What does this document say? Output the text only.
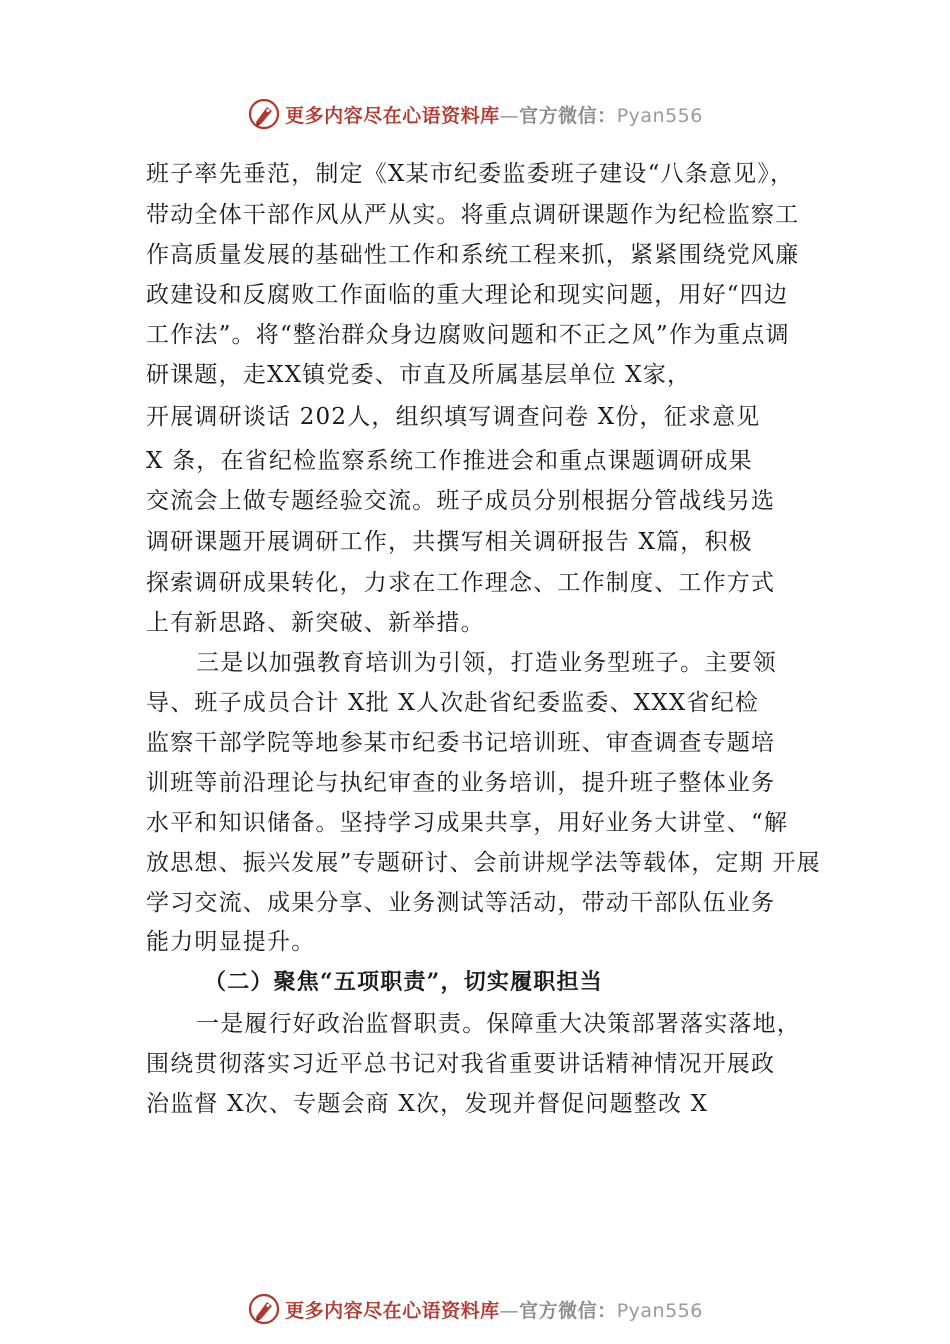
更多内容尽在心语资料库—官方微信：Pyan556
班子率先垂范，制定《X某市纪委监委班子建设“八条意见》，
带动全体干部作风从严从实。将重点调研课题作为纪检监察工
作高质量发展的基础性工作和系统工程来抓，紧紧围绕党风廉
政建设和反腐败工作面临的重大理论和现实问题，用好“四边
工作法”。将“整治群众身边腐败问题和不正之风”作为重点调
研课题，走XX镇党委、市直及所属基层单位 X家，
开展调研谈话 202人，组织填写调查问卷 X份，征求意见
X 条，在省纪检监察系统工作推进会和重点课题调研成果
交流会上做专题经验交流。班子成员分别根据分管战线另选
调研课题开展调研工作，共撰写相关调研报告 X篇，积极
探索调研成果转化，力求在工作理念、工作制度、工作方式
上有新思路、新突破、新举措。
三是以加强教育培训为引领，打造业务型班子。主要领
导、班子成员合计 X批 X人次赴省纪委监委、XXX省纪检
监察干部学院等地参某市纪委书记培训班、审查调查专题培
训班等前沿理论与执纪审查的业务培训，提升班子整体业务
水平和知识储备。坚持学习成果共享，用好业务大讲堂、“解
放思想、振兴发展”专题研讨、会前讲规学法等载体，定期 开展
学习交流、成果分享、业务测试等活动，带动干部队伍业务
能力明显提升。
（二）聚焦“五项职责”，切实履职担当
一是履行好政治监督职责。保障重大决策部署落实落地，
围绕贯彻落实习近平总书记对我省重要讲话精神情况开展政
治监督 X次、专题会商 X次，发现并督促问题整改 X
更多内容尽在心语资料库—官方微信：Pyan556
